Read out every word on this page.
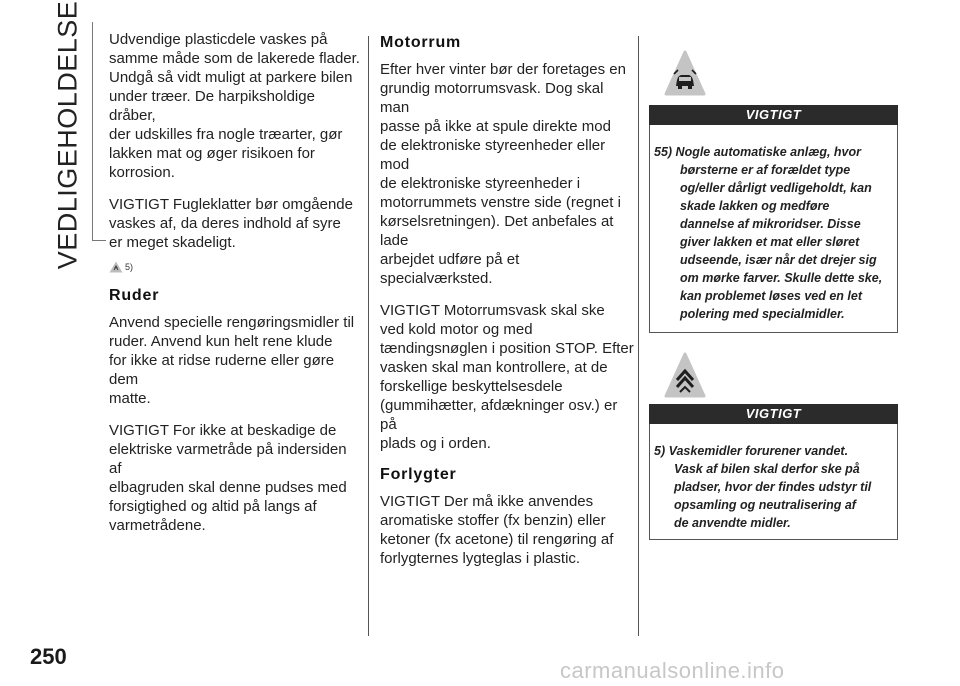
VEDLIGEHOLDELSE Udvendige plasticdele vaskes på
samme måde som de lakerede flader.
Undgå så vidt muligt at parkere bilen
under træer. De harpiksholdige dråber,
der udskilles fra nogle træarter, gør
lakken mat og øger risikoen for
korrosion.

VIGTIGT Fugleklatter bør omgående
vaskes af, da deres indhold af syre
er meget skadeligt.

5)
Ruder

Anvend specielle rengøringsmidler til
ruder. Anvend kun helt rene klude
for ikke at ridse ruderne eller gøre dem
matte.

VIGTIGT For ikke at beskadige de
elektriske varmetråde på indersiden af
elbagruden skal denne pudses med
forsigtighed og altid på langs af
varmetrådene.

Motorrum

Efter hver vinter bør der foretages en
grundig motorrumsvask. Dog skal man
passe på ikke at spule direkte mod
de elektroniske styreenheder eller mod
de elektroniske styreenheder i
motorrummets venstre side (regnet i
kørselsretningen). Det anbefales at lade
arbejdet udføre på et specialværksted.

VIGTIGT Motorrumsvask skal ske
ved kold motor og med
tændingsnøglen i position STOP. Efter
vasken skal man kontrollere, at de
forskellige beskyttelsesdele
(gummihætter, afdækninger osv.) er på
plads og i orden.

Forlygter

VIGTIGT Der må ikke anvendes
aromatiske stoffer (fx benzin) eller
ketoner (fx acetone) til rengøring af
forlygternes lygteglas i plastic.

VIGTIGT
55) Nogle automatiske anlæg, hvor
børsterne er af forældet type
og/eller dårligt vedligeholdt, kan
skade lakken og medføre
dannelse af mikroridser. Disse
giver lakken et mat eller sløret
udseende, især når det drejer sig
om mørke farver. Skulle dette ske,
kan problemet løses ved en let
polering med specialmidler.
VIGTIGT
5) Vaskemidler forurener vandet.
Vask af bilen skal derfor ske på
pladser, hvor der findes udstyr til
opsamling og neutralisering af
de anvendte midler.
250
carmanualsonline.info
